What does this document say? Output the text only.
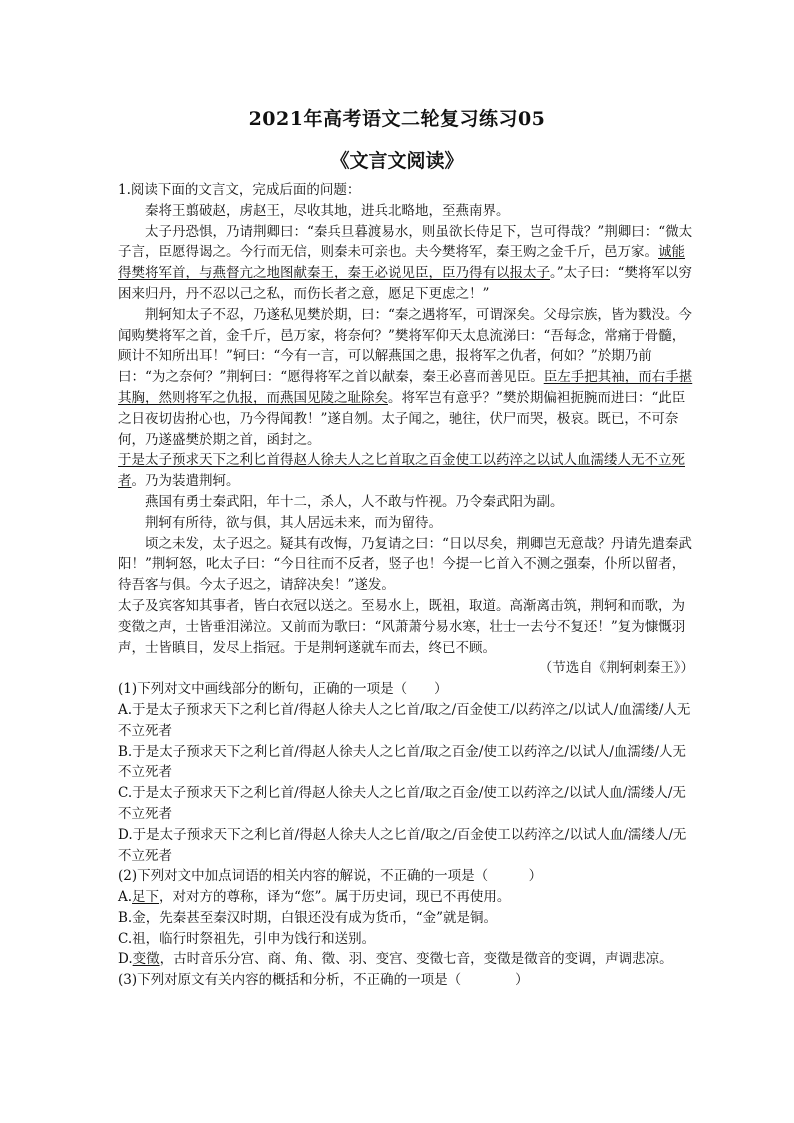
2021年高考语文二轮复习练习05
《文言文阅读》

1.阅读下面的文言文，完成后面的问题：

秦将王翦破赵，虏赵王，尽收其地，进兵北略地，至燕南界。

太子丹恐惧，乃请荆卿曰：“秦兵旦暮渡易水，则虽欲长侍足下，岂可得哉？”荆卿曰：“微太子言，臣愿得谒之。今行而无信，则秦未可亲也。夫今樊将军，秦王购之金千斤，邑万家。诚能得樊将军首，与燕督亢之地图献秦王，秦王必说见臣，臣乃得有以报太子。”太子曰：“樊将军以穷困来归丹，丹不忍以己之私，而伤长者之意，愿足下更虑之！”

荆轲知太子不忍，乃遂私见樊於期，曰：“秦之遇将军，可谓深矣。父母宗族，皆为戮没。今闻购樊将军之首，金千斤，邑万家，将奈何？”樊将军仰天太息流涕曰：“吾每念，常痛于骨髓，顾计不知所出耳！”轲曰：“今有一言，可以解燕国之患，报将军之仇者，何如？”於期乃前曰：“为之奈何？”荆轲曰：“愿得将军之首以献秦，秦王必喜而善见臣。臣左手把其袖，而右手揕其胸，然则将军之仇报，而燕国见陵之耻除矣。将军岂有意乎？”樊於期偏袒扼腕而进曰：“此臣之日夜切齿拊心也，乃今得闻教！”遂自刎。太子闻之，驰往，伏尸而哭，极哀。既已，不可奈何，乃遂盛樊於期之首，函封之。

于是太子预求天下之利匕首得赵人徐夫人之匕首取之百金使工以药淬之以试人血濡缕人无不立死者。乃为装遣荆轲。

燕国有勇士秦武阳，年十二，杀人，人不敢与忤视。乃令秦武阳为副。

荆轲有所待，欲与俱，其人居远未来，而为留待。

顷之未发，太子迟之。疑其有改悔，乃复请之曰：“日以尽矣，荆卿岂无意哉？丹请先遣秦武阳！”荆轲怒，叱太子曰：“今日往而不反者，竖子也！今提一匕首入不测之强秦，仆所以留者，待吾客与俱。今太子迟之，请辞决矣！”遂发。

太子及宾客知其事者，皆白衣冠以送之。至易水上，既祖，取道。高渐离击筑，荆轲和而歌，为变徵之声，士皆垂泪涕泣。又前而为歌曰：“风萧萧兮易水寒，壮士一去兮不复还！”复为慷慨羽声，士皆瞋目，发尽上指冠。于是荆轲遂就车而去，终已不顾。

（节选自《荆轲刺秦王》）

(1)下列对文中画线部分的断句，正确的一项是（　　）

A.于是太子预求天下之利匕首/得赵人徐夫人之匕首/取之/百金使工/以药淬之/以试人/血濡缕/人无不立死者

B.于是太子预求天下之利匕首/得赵人徐夫人之匕首/取之百金/使工以药淬之/以试人/血濡缕/人无不立死者

C.于是太子预求天下之利匕首/得赵人徐夫人之匕首/取之百金/使工以药淬之/以试人血/濡缕人/无不立死者

D.于是太子预求天下之利匕首/得赵人徐夫人之匕首/取之/百金使工以药淬之/以试人血/濡缕人/无不立死者

(2)下列对文中加点词语的相关内容的解说，不正确的一项是（　　　）

A.足下，对对方的尊称，译为“您”。属于历史词，现已不再使用。

B.金，先秦甚至秦汉时期，白银还没有成为货币，“金”就是铜。

C.祖，临行时祭祖先，引申为饯行和送别。

D.变徵，古时音乐分宫、商、角、徵、羽、变宫、变徵七音，变徵是徵音的变调，声调悲凉。

(3)下列对原文有关内容的概括和分析，不正确的一项是（　　　　）
